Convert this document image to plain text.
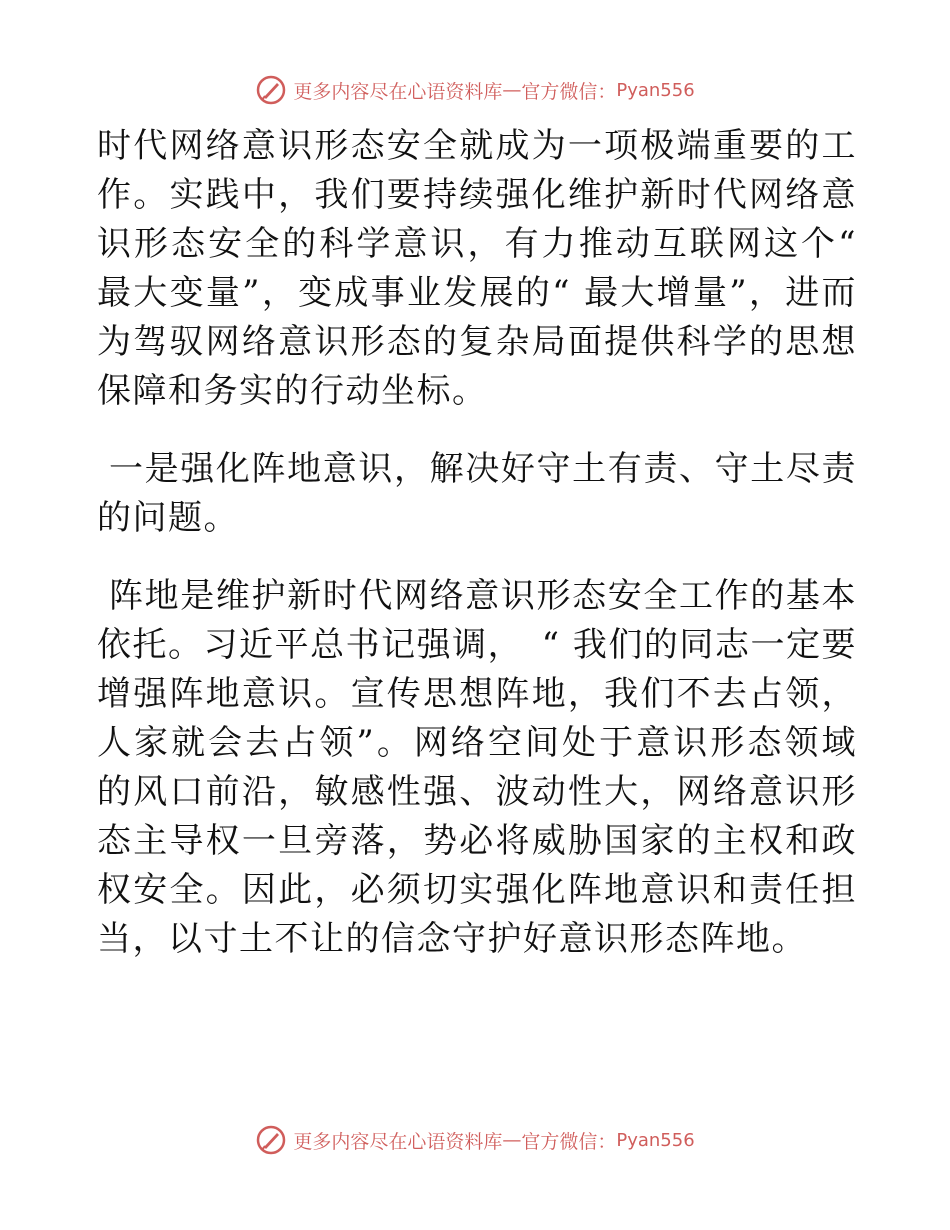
更多内容尽在心语资料库 — 官方微信： Pyan556

时代网络意识形态安全就成为一项极端重要的工作。实践中，我们要持续强化维护新时代网络意识形态安全的科学意识，有力推动互联网这个“ 最大变量”，变成事业发展的“ 最大增量”，进而为驾驭网络意识形态的复杂局面提供科学的思想保障和务实的行动坐标。

一是强化阵地意识，解决好守土有责、守土尽责的问题。

阵地是维护新时代网络意识形态安全工作的基本依托。习近平总书记强调，　“ 我们的同志一定要增强阵地意识。宣传思想阵地，我们不去占领，人家就会去占领”。网络空间处于意识形态领域的风口前沿，敏感性强、波动性大，网络意识形态主导权一旦旁落，势必将威胁国家的主权和政权安全。因此，必须切实强化阵地意识和责任担当，以寸土不让的信念守护好意识形态阵地。

更多内容尽在心语资料库 — 官方微信： Pyan556
